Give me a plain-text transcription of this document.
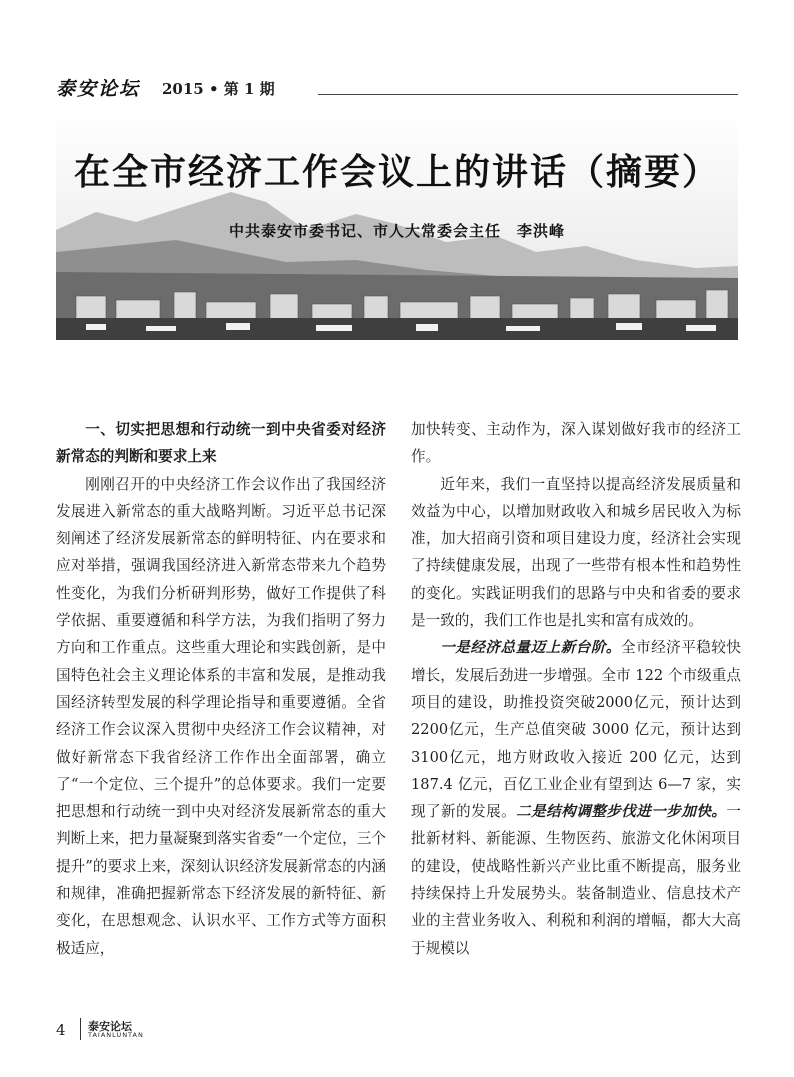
泰安论坛 2015 • 第 1 期
在全市经济工作会议上的讲话（摘要）
中共泰安市委书记、市人大常委会主任　李洪峰

一、切实把思想和行动统一到中央省委对经济新常态的判断和要求上来

刚刚召开的中央经济工作会议作出了我国经济发展进入新常态的重大战略判断。习近平总书记深刻阐述了经济发展新常态的鲜明特征、内在要求和应对举措，强调我国经济进入新常态带来九个趋势性变化，为我们分析研判形势，做好工作提供了科学依据、重要遵循和科学方法，为我们指明了努力方向和工作重点。这些重大理论和实践创新，是中国特色社会主义理论体系的丰富和发展，是推动我国经济转型发展的科学理论指导和重要遵循。全省经济工作会议深入贯彻中央经济工作会议精神，对做好新常态下我省经济工作作出全面部署，确立了“一个定位、三个提升”的总体要求。我们一定要把思想和行动统一到中央对经济发展新常态的重大判断上来，把力量凝聚到落实省委“一个定位，三个提升”的要求上来，深刻认识经济发展新常态的内涵和规律，准确把握新常态下经济发展的新特征、新变化，在思想观念、认识水平、工作方式等方面积极适应，

加快转变、主动作为，深入谋划做好我市的经济工作。

近年来，我们一直坚持以提高经济发展质量和效益为中心，以增加财政收入和城乡居民收入为标准，加大招商引资和项目建设力度，经济社会实现了持续健康发展，出现了一些带有根本性和趋势性的变化。实践证明我们的思路与中央和省委的要求是一致的，我们工作也是扎实和富有成效的。

一是经济总量迈上新台阶。全市经济平稳较快增长，发展后劲进一步增强。全市 122 个市级重点项目的建设，助推投资突破2000亿元，预计达到 2200亿元，生产总值突破 3000 亿元，预计达到 3100亿元，地方财政收入接近 200 亿元，达到 187.4 亿元，百亿工业企业有望到达 6—7 家，实现了新的发展。二是结构调整步伐进一步加快。一批新材料、新能源、生物医药、旅游文化休闲项目的建设，使战略性新兴产业比重不断提高，服务业持续保持上升发展势头。装备制造业、信息技术产业的主营业务收入、利税和利润的增幅，都大大高于规模以

4 泰安论坛
TAIANLUNTAN
